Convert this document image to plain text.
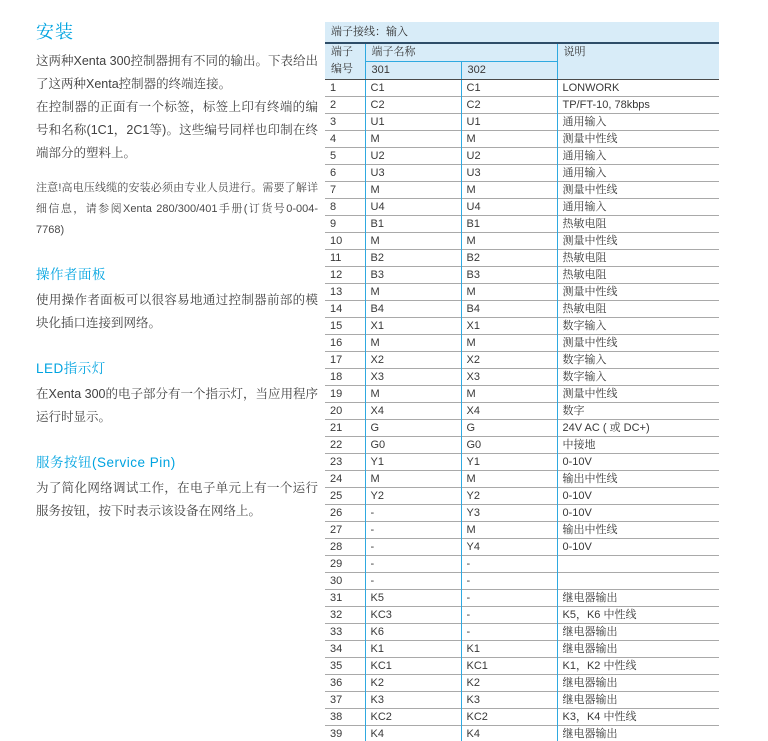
安装

这两种Xenta 300控制器拥有不同的输出。下表给出了这两种Xenta控制器的终端连接。

在控制器的正面有一个标签，标签上印有终端的编号和名称(1C1，2C1等)。这些编号同样也印制在终端部分的塑料上。

注意!高电压线缆的安装必须由专业人员进行。需要了解详细信息，请参阅Xenta 280/300/401手册(订货号0-004-7768)

操作者面板

使用操作者面板可以很容易地通过控制器前部的模块化插口连接到网络。

LED指示灯

在Xenta 300的电子部分有一个指示灯，当应用程序运行时显示。

服务按钮(Service Pin)

为了简化网络调试工作，在电子单元上有一个运行服务按钮，按下时表示该设备在网络上。

端子接线：输入			

端子
编号	端子名称		说明
	301	302	
1	C1	C1	LONWORK
2	C2	C2	TP/FT-10, 78kbps
3	U1	U1	通用输入
4	M	M	测量中性线
5	U2	U2	通用输入
6	U3	U3	通用输入
7	M	M	测量中性线
8	U4	U4	通用输入
9	B1	B1	热敏电阻
10	M	M	测量中性线
11	B2	B2	热敏电阻
12	B3	B3	热敏电阻
13	M	M	测量中性线
14	B4	B4	热敏电阻
15	X1	X1	数字输入
16	M	M	测量中性线
17	X2	X2	数字输入
18	X3	X3	数字输入
19	M	M	测量中性线
20	X4	X4	数字
21	G	G	24V AC ( 或 DC+)
22	G0	G0	中接地
23	Y1	Y1	0-10V
24	M	M	输出中性线
25	Y2	Y2	0-10V
26	-	Y3	0-10V
27	-	M	输出中性线
28	-	Y4	0-10V
29	-	-	
30	-	-	
31	K5	-	继电器输出
32	KC3	-	K5，K6 中性线
33	K6	-	继电器输出
34	K1	K1	继电器输出
35	KC1	KC1	K1，K2 中性线
36	K2	K2	继电器输出
37	K3	K3	继电器输出
38	KC2	KC2	K3，K4 中性线
39	K4	K4	继电器输出
